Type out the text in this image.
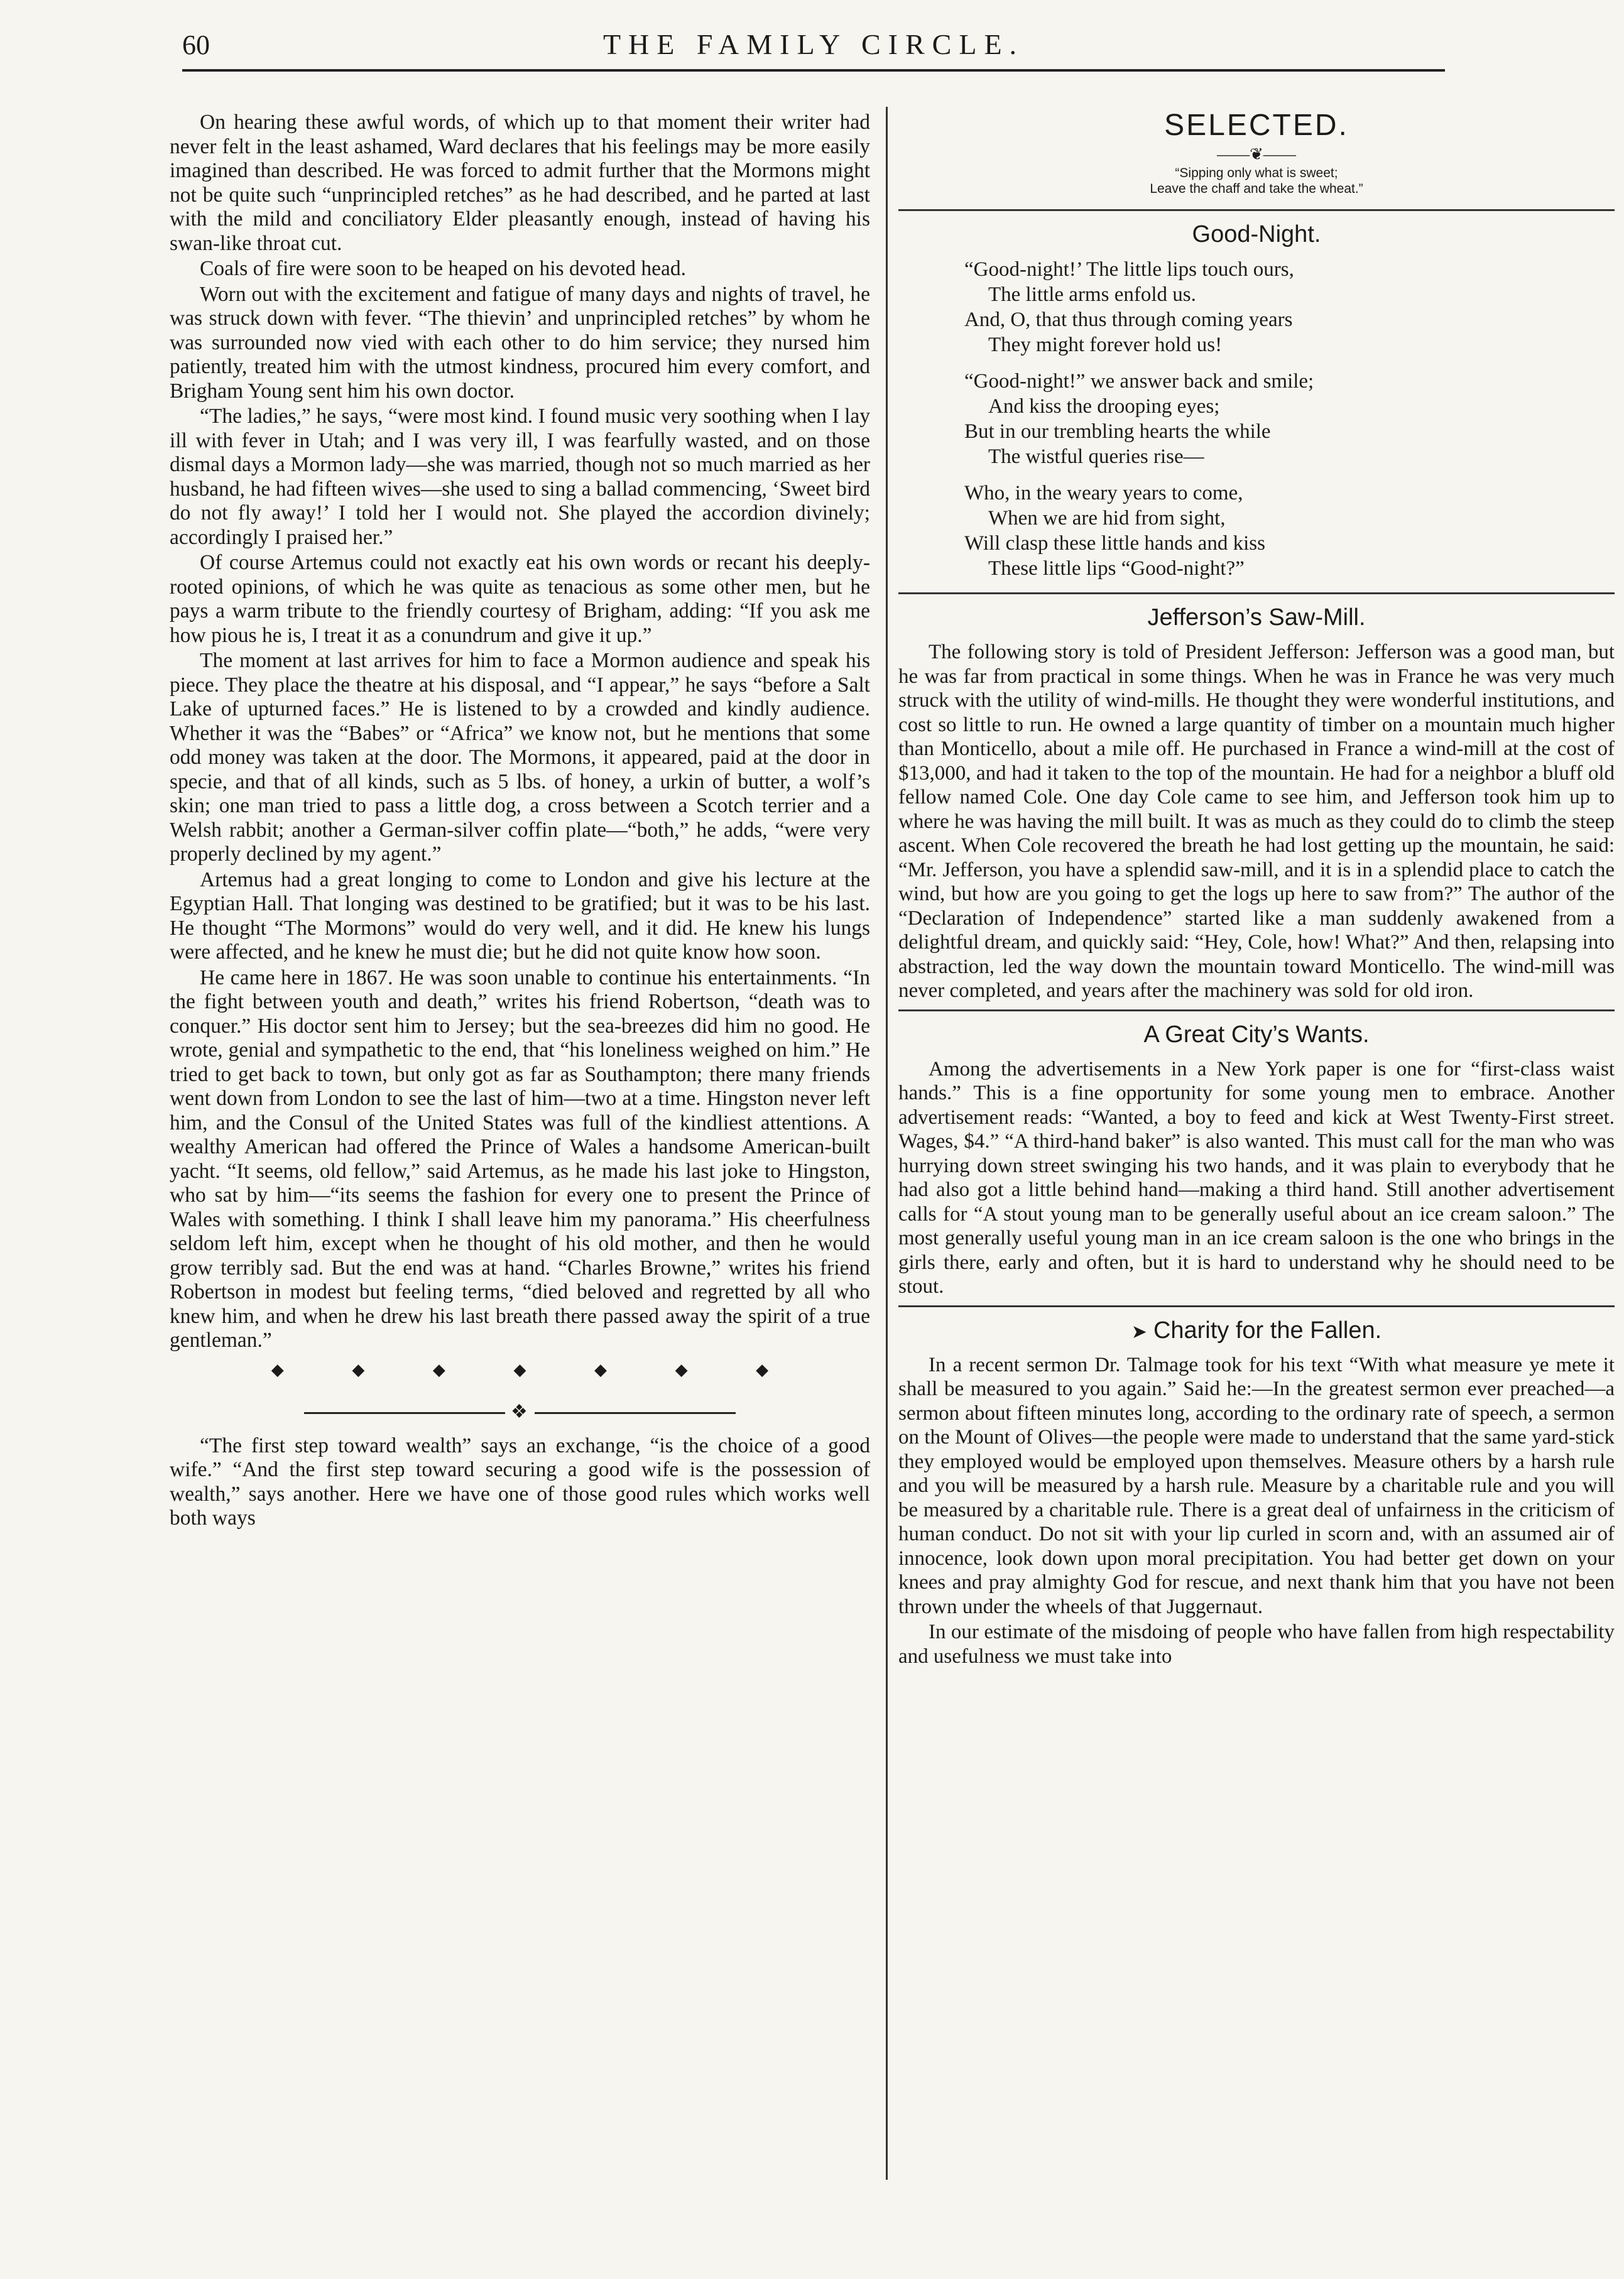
60	THE FAMILY CIRCLE.

On hearing these awful words, of which up to that moment their writer had never felt in the least ashamed, Ward declares that his feelings may be more easily imagined than described. He was forced to admit further that the Mormons might not be quite such “unprincipled retches” as he had described, and he parted at last with the mild and conciliatory Elder pleasantly enough, instead of having his swan-like throat cut.

Coals of fire were soon to be heaped on his devoted head.

Worn out with the excitement and fatigue of many days and nights of travel, he was struck down with fever. “The thievin’ and unprincipled retches” by whom he was surrounded now vied with each other to do him service; they nursed him patiently, treated him with the utmost kindness, procured him every comfort, and Brigham Young sent him his own doctor.

“The ladies,” he says, “were most kind. I found music very soothing when I lay ill with fever in Utah; and I was very ill, I was fearfully wasted, and on those dismal days a Mormon lady—she was married, though not so much married as her husband, he had fifteen wives—she used to sing a ballad commencing, ‘Sweet bird do not fly away!’ I told her I would not. She played the accordion divinely; accordingly I praised her.”

Of course Artemus could not exactly eat his own words or recant his deeply-rooted opinions, of which he was quite as tenacious as some other men, but he pays a warm tribute to the friendly courtesy of Brigham, adding: “If you ask me how pious he is, I treat it as a conundrum and give it up.”

The moment at last arrives for him to face a Mormon audience and speak his piece. They place the theatre at his disposal, and “I appear,” he says “before a Salt Lake of upturned faces.” He is listened to by a crowded and kindly audience. Whether it was the “Babes” or “Africa” we know not, but he mentions that some odd money was taken at the door. The Mormons, it appeared, paid at the door in specie, and that of all kinds, such as 5 lbs. of honey, a urkin of butter, a wolf’s skin; one man tried to pass a little dog, a cross between a Scotch terrier and a Welsh rabbit; another a German-silver coffin plate—“both,” he adds, “were very properly declined by my agent.”

Artemus had a great longing to come to London and give his lecture at the Egyptian Hall. That longing was destined to be gratified; but it was to be his last. He thought “The Mormons” would do very well, and it did. He knew his lungs were affected, and he knew he must die; but he did not quite know how soon.

He came here in 1867. He was soon unable to continue his entertainments. “In the fight between youth and death,” writes his friend Robertson, “death was to conquer.” His doctor sent him to Jersey; but the sea-breezes did him no good. He wrote, genial and sympathetic to the end, that “his loneliness weighed on him.” He tried to get back to town, but only got as far as Southampton; there many friends went down from London to see the last of him—two at a time. Hingston never left him, and the Consul of the United States was full of the kindliest attentions. A wealthy American had offered the Prince of Wales a handsome American-built yacht. “It seems, old fellow,” said Artemus, as he made his last joke to Hingston, who sat by him—“its seems the fashion for every one to present the Prince of Wales with something. I think I shall leave him my panorama.” His cheerfulness seldom left him, except when he thought of his old mother, and then he would grow terribly sad. But the end was at hand. “Charles Browne,” writes his friend Robertson in modest but feeling terms, “died beloved and regretted by all who knew him, and when he drew his last breath there passed away the spirit of a true gentleman.”

◆	◆	◆	◆	◆	◆	◆
❖

“The first step toward wealth” says an exchange, “is the choice of a good wife.” “And the first step toward securing a good wife is the possession of wealth,” says another. Here we have one of those good rules which works well both ways

SELECTED.
——❦——
“Sipping only what is sweet;
Leave the chaff and take the wheat.”
Good-Night.
“Good-night!’ The little lips touch ours,
The little arms enfold us.
And, O, that thus through coming years
They might forever hold us!
“Good-night!” we answer back and smile;
And kiss the drooping eyes;
But in our trembling hearts the while
The wistful queries rise—
Who, in the weary years to come,
When we are hid from sight,
Will clasp these little hands and kiss
These little lips “Good-night?”
Jefferson’s Saw-Mill.

The following story is told of President Jefferson: Jefferson was a good man, but he was far from practical in some things. When he was in France he was very much struck with the utility of wind-mills. He thought they were wonderful institutions, and cost so little to run. He owned a large quantity of timber on a mountain much higher than Monticello, about a mile off. He purchased in France a wind-mill at the cost of $13,000, and had it taken to the top of the mountain. He had for a neighbor a bluff old fellow named Cole. One day Cole came to see him, and Jefferson took him up to where he was having the mill built. It was as much as they could do to climb the steep ascent. When Cole recovered the breath he had lost getting up the mountain, he said: “Mr. Jefferson, you have a splendid saw-mill, and it is in a splendid place to catch the wind, but how are you going to get the logs up here to saw from?” The author of the “Declaration of Independence” started like a man suddenly awakened from a delightful dream, and quickly said: “Hey, Cole, how! What?” And then, relapsing into abstraction, led the way down the mountain toward Monticello. The wind-mill was never completed, and years after the machinery was sold for old iron.

A Great City’s Wants.

Among the advertisements in a New York paper is one for “first-class waist hands.” This is a fine opportunity for some young men to embrace. Another advertisement reads: “Wanted, a boy to feed and kick at West Twenty-First street. Wages, $4.” “A third-hand baker” is also wanted. This must call for the man who was hurrying down street swinging his two hands, and it was plain to everybody that he had also got a little behind hand—making a third hand. Still another advertisement calls for “A stout young man to be generally useful about an ice cream saloon.” The most generally useful young man in an ice cream saloon is the one who brings in the girls there, early and often, but it is hard to understand why he should need to be stout.

➤ Charity for the Fallen.

In a recent sermon Dr. Talmage took for his text “With what measure ye mete it shall be measured to you again.” Said he:—In the greatest sermon ever preached—a sermon about fifteen minutes long, according to the ordinary rate of speech, a sermon on the Mount of Olives—the people were made to understand that the same yard-stick they employed would be employed upon themselves. Measure others by a harsh rule and you will be measured by a harsh rule. Measure by a charitable rule and you will be measured by a charitable rule. There is a great deal of unfairness in the criticism of human conduct. Do not sit with your lip curled in scorn and, with an assumed air of innocence, look down upon moral precipitation. You had better get down on your knees and pray almighty God for rescue, and next thank him that you have not been thrown under the wheels of that Juggernaut.

In our estimate of the misdoing of people who have fallen from high respectability and usefulness we must take into
